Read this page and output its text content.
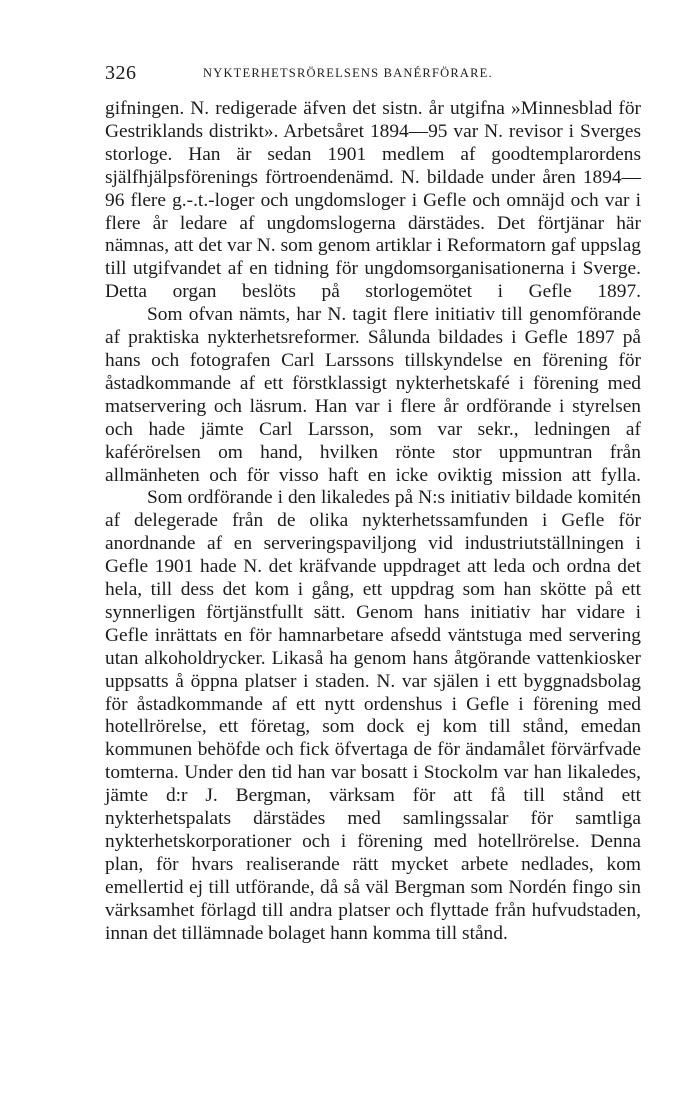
326	NYKTERHETSRÖRELSENS BANÉRFÖRARE.

gifningen. N. redigerade äfven det sistn. år utgifna »Minnesblad för Gestriklands distrikt». Arbetsåret 1894—95 var N. revisor i Sverges storloge. Han är sedan 1901 medlem af goodtemplarordens själfhjälpsförenings förtroendenämd. N. bildade under åren 1894—96 flere g.-.t.-loger och ungdomsloger i Gefle och omnäjd och var i flere år ledare af ungdomslogerna därstädes. Det förtjänar här nämnas, att det var N. som genom artiklar i Reformatorn gaf uppslag till utgifvandet af en tidning för ungdomsorganisationerna i Sverge. Detta organ beslöts på storlogemötet i Gefle 1897.

Som ofvan nämts, har N. tagit flere initiativ till genomförande af praktiska nykterhetsreformer. Sålunda bildades i Gefle 1897 på hans och fotografen Carl Larssons tillskyndelse en förening för åstadkommande af ett förstklassigt nykterhetskafé i förening med matservering och läsrum. Han var i flere år ordförande i styrelsen och hade jämte Carl Larsson, som var sekr., ledningen af kaférörelsen om hand, hvilken rönte stor uppmuntran från allmänheten och för visso haft en icke oviktig mission att fylla.

Som ordförande i den likaledes på N:s initiativ bildade komitén af delegerade från de olika nykterhetssamfunden i Gefle för anordnande af en serveringspaviljong vid industriutställningen i Gefle 1901 hade N. det kräfvande uppdraget att leda och ordna det hela, till dess det kom i gång, ett uppdrag som han skötte på ett synnerligen förtjänstfullt sätt. Genom hans initiativ har vidare i Gefle inrättats en för hamnarbetare afsedd väntstuga med servering utan alkoholdrycker. Likaså ha genom hans åtgörande vattenkiosker uppsatts å öppna platser i staden. N. var själen i ett byggnadsbolag för åstadkommande af ett nytt ordenshus i Gefle i förening med hotellrörelse, ett företag, som dock ej kom till stånd, emedan kommunen behöfde och fick öfvertaga de för ändamålet förvärfvade tomterna. Under den tid han var bosatt i Stockolm var han likaledes, jämte d:r J. Bergman, värksam för att få till stånd ett nykterhetspalats därstädes med samlingssalar för samtliga nykterhetskorporationer och i förening med hotellrörelse. Denna plan, för hvars realiserande rätt mycket arbete nedlades, kom emellertid ej till utförande, då så väl Bergman som Nordén fingo sin värksamhet förlagd till andra platser och flyttade från hufvudstaden, innan det tillämnade bolaget hann komma till stånd.
